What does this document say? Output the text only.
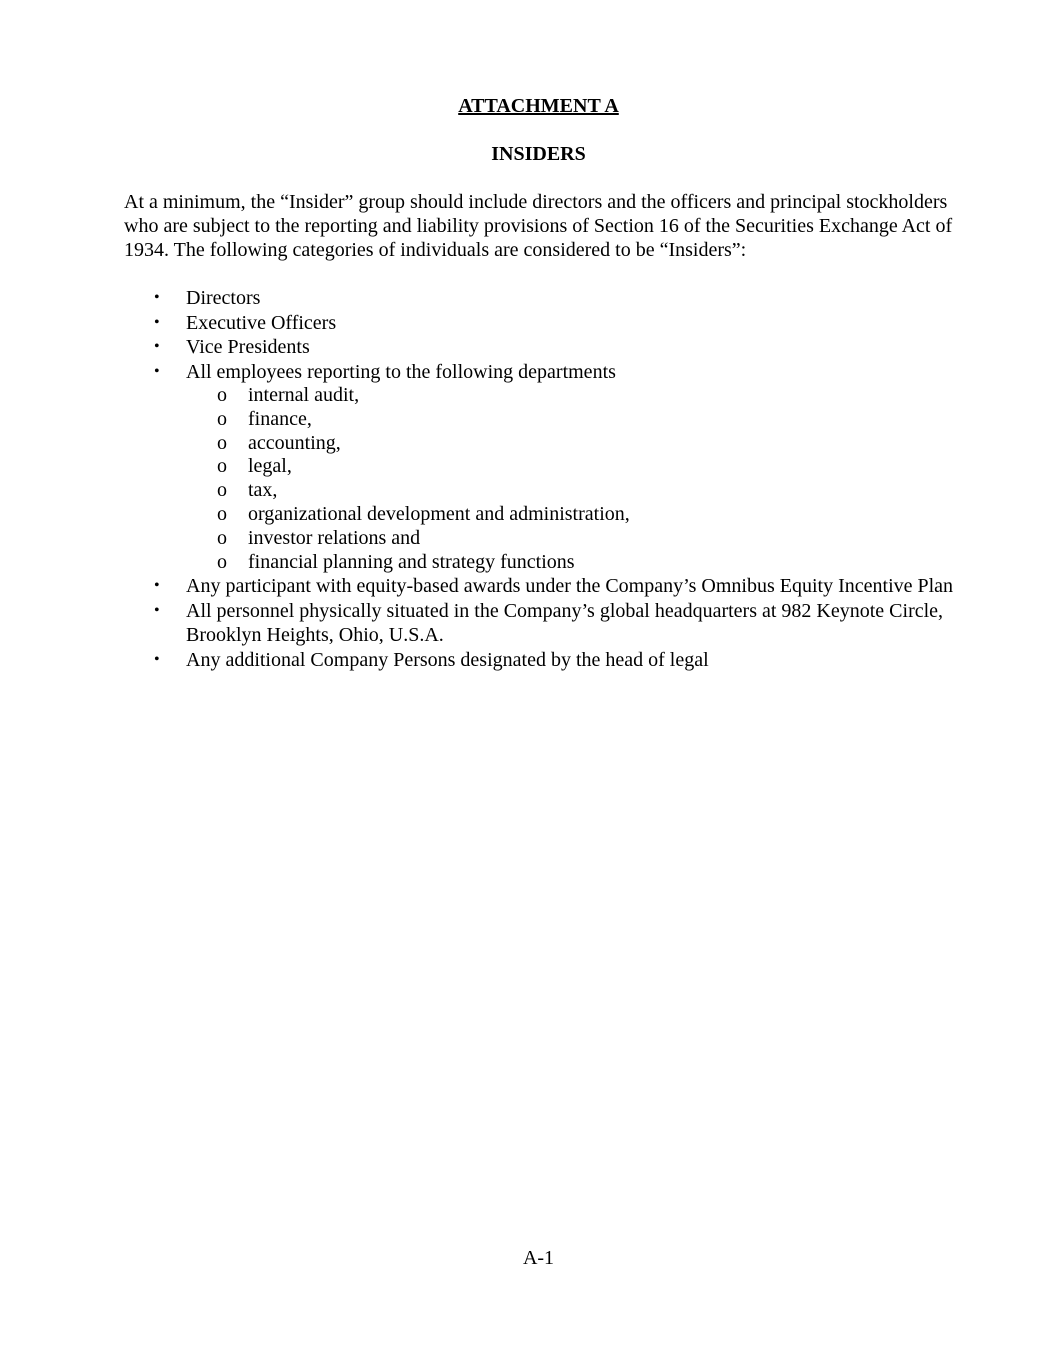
ATTACHMENT A
INSIDERS

At a minimum, the “Insider” group should include directors and the officers and principal stockholders who are subject to the reporting and liability provisions of Section 16 of the Securities Exchange Act of 1934. The following categories of individuals are considered to be “Insiders”:

• Directors
• Executive Officers
• Vice Presidents
• All employees reporting to the following departments
o internal audit,
o finance,
o accounting,
o legal,
o tax,
o organizational development and administration,
o investor relations and
o financial planning and strategy functions
• Any participant with equity-based awards under the Company’s Omnibus Equity Incentive Plan
• All personnel physically situated in the Company’s global headquarters at 982 Keynote Circle, Brooklyn Heights, Ohio, U.S.A.
• Any additional Company Persons designated by the head of legal
A-1
